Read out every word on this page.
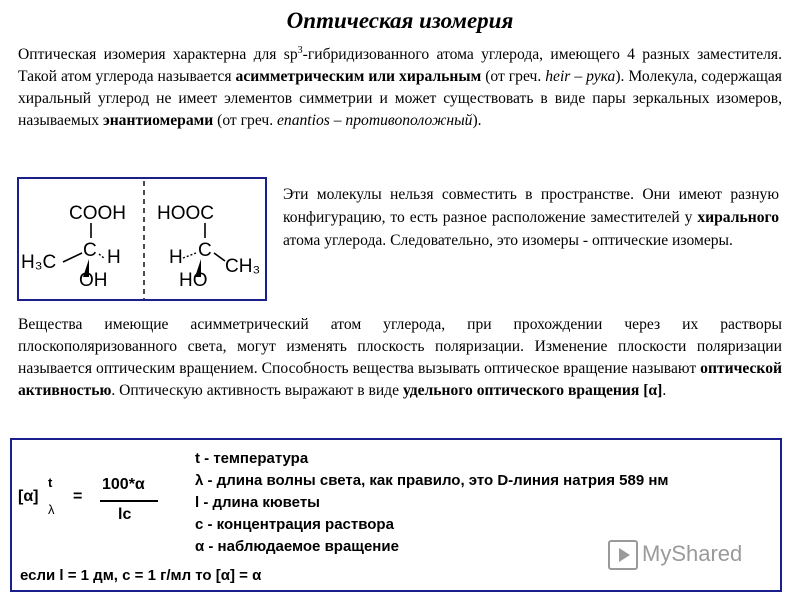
Оптическая изомерия
Оптическая изомерия характерна для $sp^3$-гибридизованного атома углерода, имеющего 4 разных заместителя. Такой атом углерода называется асимметрическим или хиральным (от греч. heir – рука). Молекула, содержащая хиральный углерод не имеет элементов симметрии и может существовать в виде пары зеркальных изомеров, называемых энантиомерами (от греч. enantios – противоположный).
COOH
C
H₃C	H
OH
HOOC
C
H CH₃
HO
Эти молекулы нельзя совместить в пространстве. Они имеют разную конфигурацию, то есть разное расположение заместителей у хирального атома углерода. Следовательно, это изомеры - оптические изомеры.
Вещества имеющие асимметрический атом углерода, при прохождении через их растворы плоскополяризованного света, могут изменять плоскость поляризации. Изменение плоскости поляризации называется оптическим вращением. Способность вещества вызывать оптическое вращение называют оптической активностью. Оптическую активность выражают в виде удельного оптического вращения [α].
[α]
t
λ
=
100*α
lc
t - температура
λ - длина волны света, как правило, это D-линия натрия 589 нм
l - длина кюветы
c - концентрация раствора
α - наблюдаемое вращение
если l = 1 дм, c = 1 г/мл то [α] = α
MyShared
